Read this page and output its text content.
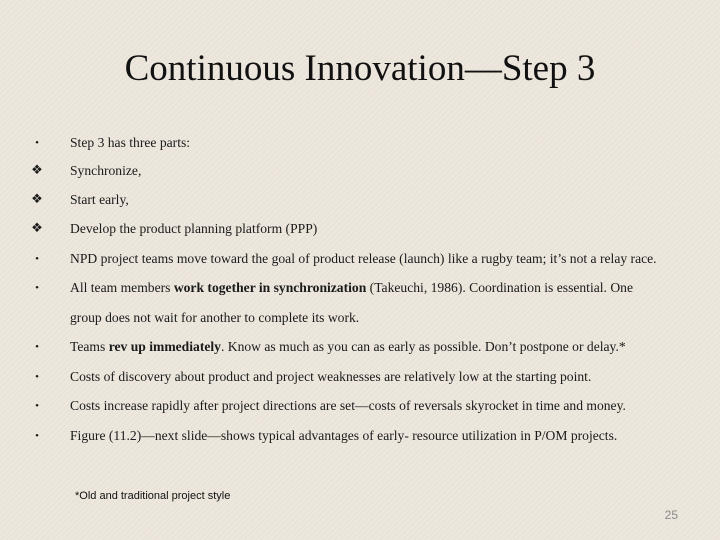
Continuous Innovation—Step 3
•	Step 3 has three parts:
❖ Synchronize,
❖ Start early,
❖ Develop the product planning platform (PPP)
•	NPD project teams move toward the goal of product release (launch) like a rugby team; it’s not a relay race.
•	All team members work together in synchronization (Takeuchi, 1986). Coordination is essential. One
group does not wait for another to complete its work.
•	Teams rev up immediately. Know as much as you can as early as possible. Don’t postpone or delay.*
•	Costs of discovery about product and project weaknesses are relatively low at the starting point.
•	Costs increase rapidly after project directions are set—costs of reversals skyrocket in time and money.
•	Figure (11.2)—next slide—shows typical advantages of early- resource utilization in P/OM projects.
*Old and traditional project style
25
